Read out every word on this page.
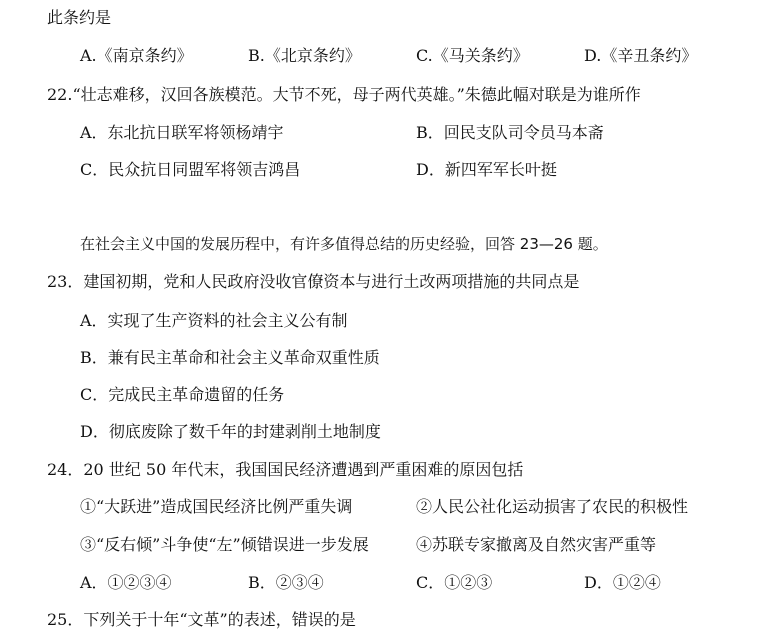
此条约是
A.《南京条约》	B.《北京条约》	C.《马关条约》	D.《辛丑条约》
22.“壮志难移，汉回各族模范。大节不死，母子两代英雄。”朱德此幅对联是为谁所作
A．东北抗日联军将领杨靖宇	B．回民支队司令员马本斋
C．民众抗日同盟军将领吉鸿昌	D．新四军军长叶挺
在社会主义中国的发展历程中，有许多值得总结的历史经验，回答 23—26 题。
23．建国初期，党和人民政府没收官僚资本与进行土改两项措施的共同点是
A．实现了生产资料的社会主义公有制
B．兼有民主革命和社会主义革命双重性质
C．完成民主革命遗留的任务
D．彻底废除了数千年的封建剥削土地制度
24．20 世纪 50 年代末，我国国民经济遭遇到严重困难的原因包括
①“大跃进”造成国民经济比例严重失调	②人民公社化运动损害了农民的积极性
③“反右倾”斗争使“左”倾错误进一步发展	④苏联专家撤离及自然灾害严重等
A．①②③④	B．②③④	C．①②③	D．①②④
25．下列关于十年“文革”的表述，错误的是
